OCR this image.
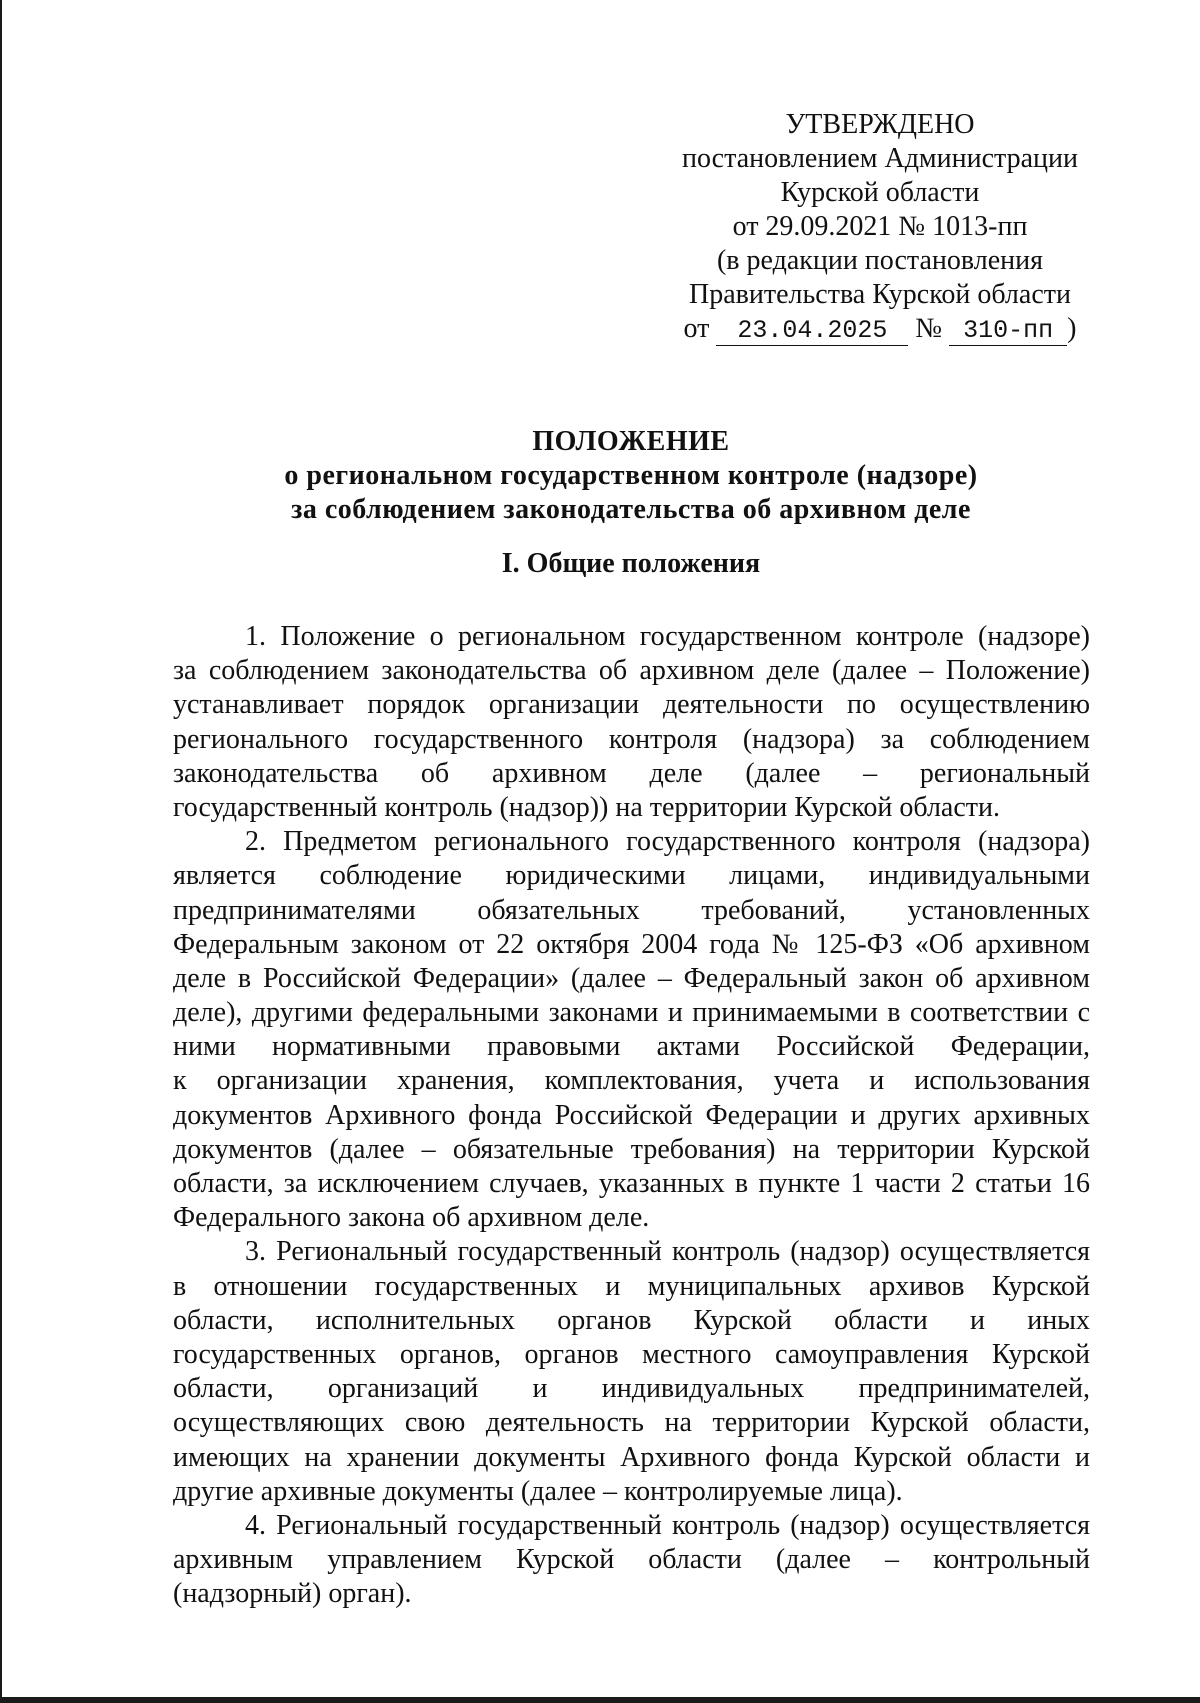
УТВЕРЖДЕНО
постановлением Администрации
Курской области
от 29.09.2021 № 1013-пп
(в редакции постановления
Правительства Курской области
от 23.04.2025 № 310-пп )
ПОЛОЖЕНИЕ
о региональном государственном контроле (надзоре)
за соблюдением законодательства об архивном деле
I. Общие положения
1. Положение о региональном государственном контроле (надзоре)
за соблюдением законодательства об архивном деле (далее – Положение)
устанавливает порядок организации деятельности по осуществлению
регионального государственного контроля (надзора) за соблюдением
законодательства об архивном деле (далее – региональный
государственный контроль (надзор)) на территории Курской области.
2. Предметом регионального государственного контроля (надзора)
является соблюдение юридическими лицами, индивидуальными
предпринимателями обязательных требований, установленных
Федеральным законом от 22 октября 2004 года № 125-ФЗ «Об архивном
деле в Российской Федерации» (далее – Федеральный закон об архивном
деле), другими федеральными законами и принимаемыми в соответствии с
ними нормативными правовыми актами Российской Федерации,
к организации хранения, комплектования, учета и использования
документов Архивного фонда Российской Федерации и других архивных
документов (далее – обязательные требования) на территории Курской
области, за исключением случаев, указанных в пункте 1 части 2 статьи 16
Федерального закона об архивном деле.
3. Региональный государственный контроль (надзор) осуществляется
в отношении государственных и муниципальных архивов Курской
области, исполнительных органов Курской области и иных
государственных органов, органов местного самоуправления Курской
области, организаций и индивидуальных предпринимателей,
осуществляющих свою деятельность на территории Курской области,
имеющих на хранении документы Архивного фонда Курской области и
другие архивные документы (далее – контролируемые лица).
4. Региональный государственный контроль (надзор) осуществляется
архивным управлением Курской области (далее – контрольный
(надзорный) орган).
